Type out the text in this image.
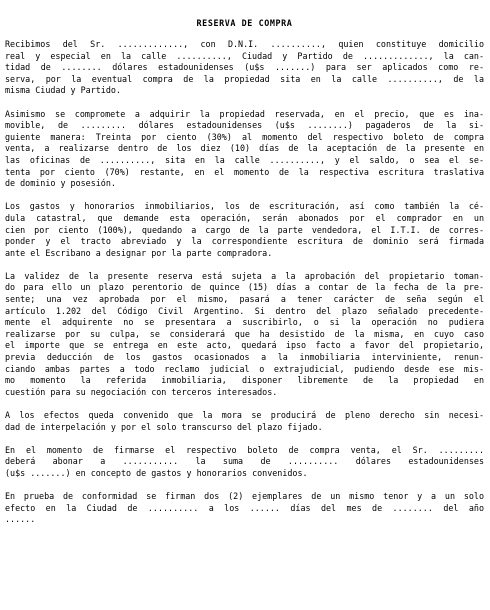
RESERVA DE COMPRA
Recibimos del Sr. ............., con D.N.I. .........., quien constituye domicilio
real y especial en la calle .........., Ciudad y Partido de ............., la can-
tidad de ........ dólares estadounidenses (u$s .......) para ser aplicados como re-
serva, por la eventual compra de la propiedad sita en la calle .........., de la
misma Ciudad y Partido.
Asimismo se compromete a adquirir la propiedad reservada, en el precio, que es ina-
movible, de ......... dólares estadounidenses (u$s ........) pagaderos de la si-
guiente manera: Treinta por ciento (30%) al momento del respectivo boleto de compra
venta, a realizarse dentro de los diez (10) días de la aceptación de la presente en
las oficinas de .........., sita en la calle .........., y el saldo, o sea el se-
tenta por ciento (70%) restante, en el momento de la respectiva escritura traslativa
de dominio y posesión.
Los gastos y honorarios inmobiliarios, los de escrituración, así como también la cé-
dula catastral, que demande esta operación, serán abonados por el comprador en un
cien por ciento (100%), quedando a cargo de la parte vendedora, el I.T.I. de corres-
ponder y el tracto abreviado y la correspondiente escritura de dominio será firmada
ante el Escribano a designar por la parte compradora.
La validez de la presente reserva está sujeta a la aprobación del propietario toman-
do para ello un plazo perentorio de quince (15) días a contar de la fecha de la pre-
sente; una vez aprobada por el mismo, pasará a tener carácter de seña según el
artículo 1.202 del Código Civil Argentino. Si dentro del plazo señalado precedente-
mente el adquirente no se presentara a suscribirlo, o si la operación no pudiera
realizarse por su culpa, se considerará que ha desistido de la misma, en cuyo caso
el importe que se entrega en este acto, quedará ipso facto a favor del propietario,
previa deducción de los gastos ocasionados a la inmobiliaria interviniente, renun-
ciando ambas partes a todo reclamo judicial o extrajudicial, pudiendo desde ese mis-
mo momento la referida inmobiliaria, disponer libremente de la propiedad en
cuestión para su negociación con terceros interesados.
A los efectos queda convenido que la mora se producirá de pleno derecho sin necesi-
dad de interpelación y por el solo transcurso del plazo fijado.
En el momento de firmarse el respectivo boleto de compra venta, el Sr. .........
deberá abonar a ........... la suma de .......... dólares estadounidenses
(u$s .......) en concepto de gastos y honorarios convenidos.
En prueba de conformidad se firman dos (2) ejemplares de un mismo tenor y a un solo
efecto en la Ciudad de .......... a los ...... días del mes de ........ del año
......
